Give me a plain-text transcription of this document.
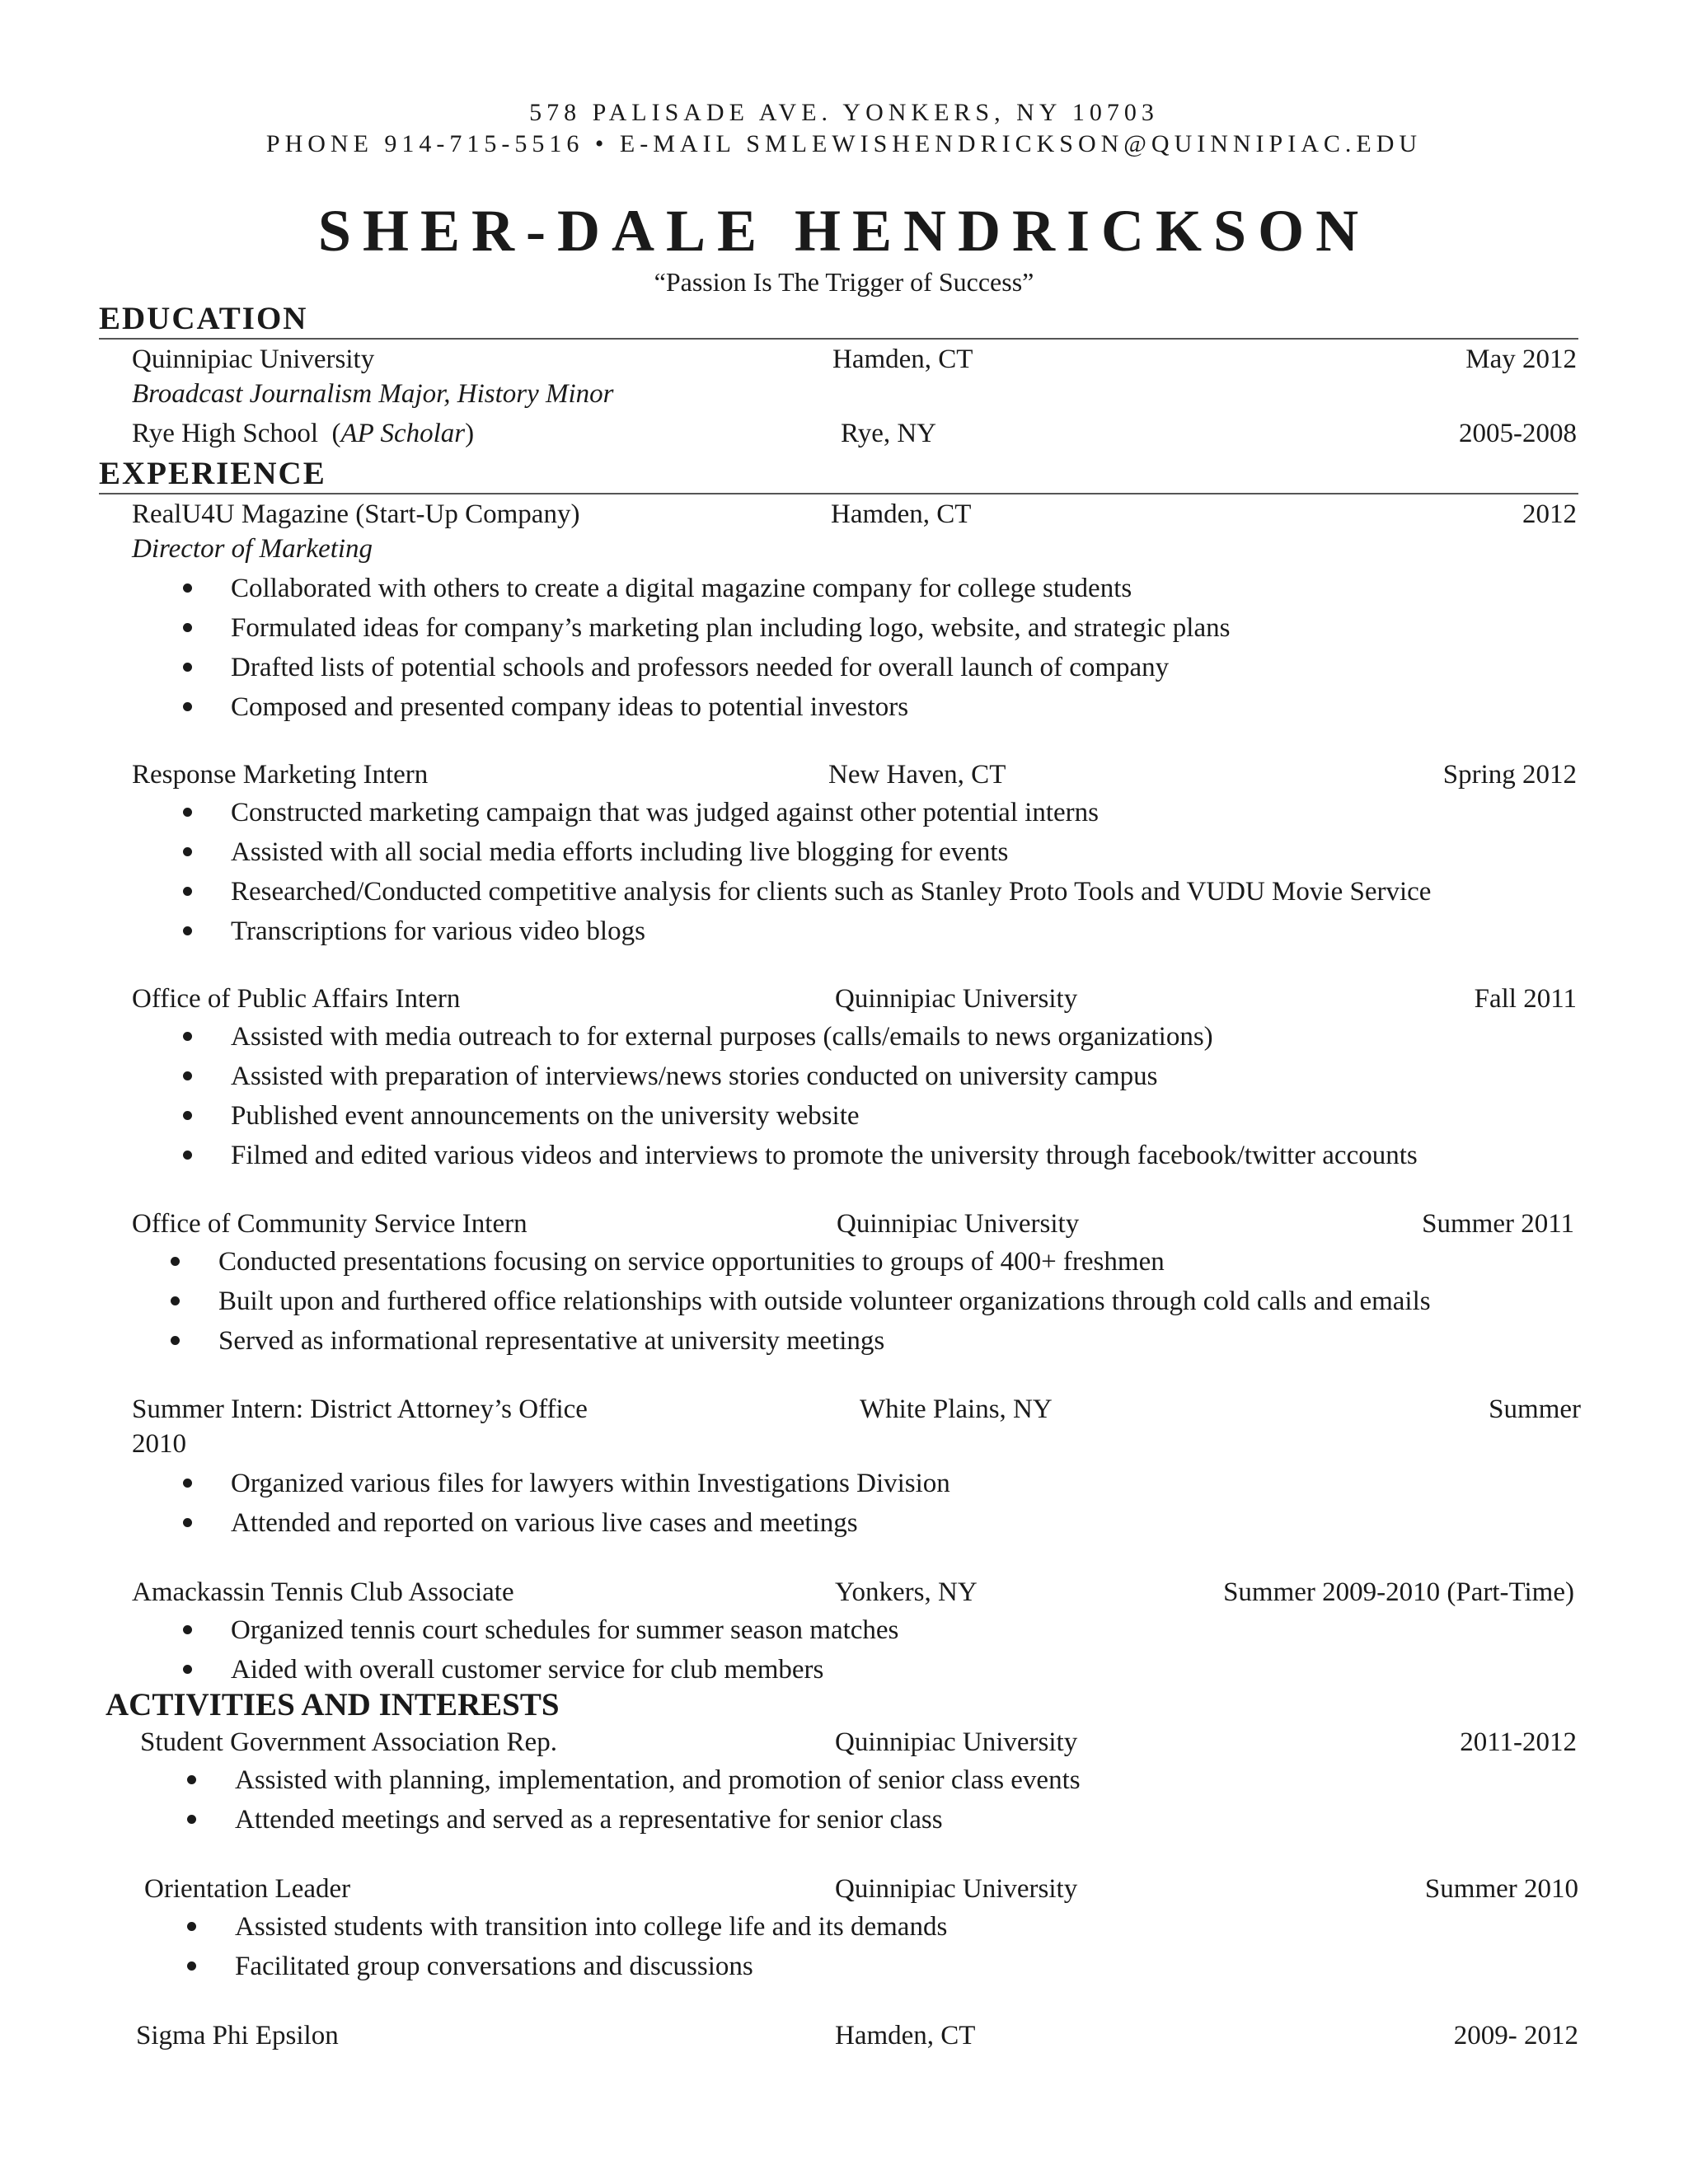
578 PALISADE AVE. YONKERS, NY 10703
PHONE 914-715-5516 • E-MAIL SMLEWISHENDRICKSON@QUINNIPIAC.EDU
SHER-DALE HENDRICKSON
“Passion Is The Trigger of Success”
EDUCATION
Quinnipiac University	Hamden, CT	May 2012
Broadcast Journalism Major, History Minor
Rye High School (AP Scholar)	Rye, NY	2005-2008
EXPERIENCE
RealU4U Magazine (Start-Up Company)	Hamden, CT	2012
Director of Marketing
Collaborated with others to create a digital magazine company for college students
Formulated ideas for company’s marketing plan including logo, website, and strategic plans
Drafted lists of potential schools and professors needed for overall launch of company
Composed and presented company ideas to potential investors
Response Marketing Intern	New Haven, CT	Spring 2012
Constructed marketing campaign that was judged against other potential interns
Assisted with all social media efforts including live blogging for events
Researched/Conducted competitive analysis for clients such as Stanley Proto Tools and VUDU Movie Service
Transcriptions for various video blogs
Office of Public Affairs Intern	Quinnipiac University	Fall 2011
Assisted with media outreach to for external purposes (calls/emails to news organizations)
Assisted with preparation of interviews/news stories conducted on university campus
Published event announcements on the university website
Filmed and edited various videos and interviews to promote the university through facebook/twitter accounts
Office of Community Service Intern	Quinnipiac University	Summer 2011
Conducted presentations focusing on service opportunities to groups of 400+ freshmen
Built upon and furthered office relationships with outside volunteer organizations through cold calls and emails
Served as informational representative at university meetings
Summer Intern: District Attorney’s Office	White Plains, NY	Summer
2010
Organized various files for lawyers within Investigations Division
Attended and reported on various live cases and meetings
Amackassin Tennis Club Associate	Yonkers, NY	Summer 2009-2010 (Part-Time)
Organized tennis court schedules for summer season matches
Aided with overall customer service for club members
ACTIVITIES AND INTERESTS
Student Government Association Rep.	Quinnipiac University	2011-2012
Assisted with planning, implementation, and promotion of senior class events
Attended meetings and served as a representative for senior class
Orientation Leader	Quinnipiac University	Summer 2010
Assisted students with transition into college life and its demands
Facilitated group conversations and discussions
Sigma Phi Epsilon	Hamden, CT	2009- 2012
